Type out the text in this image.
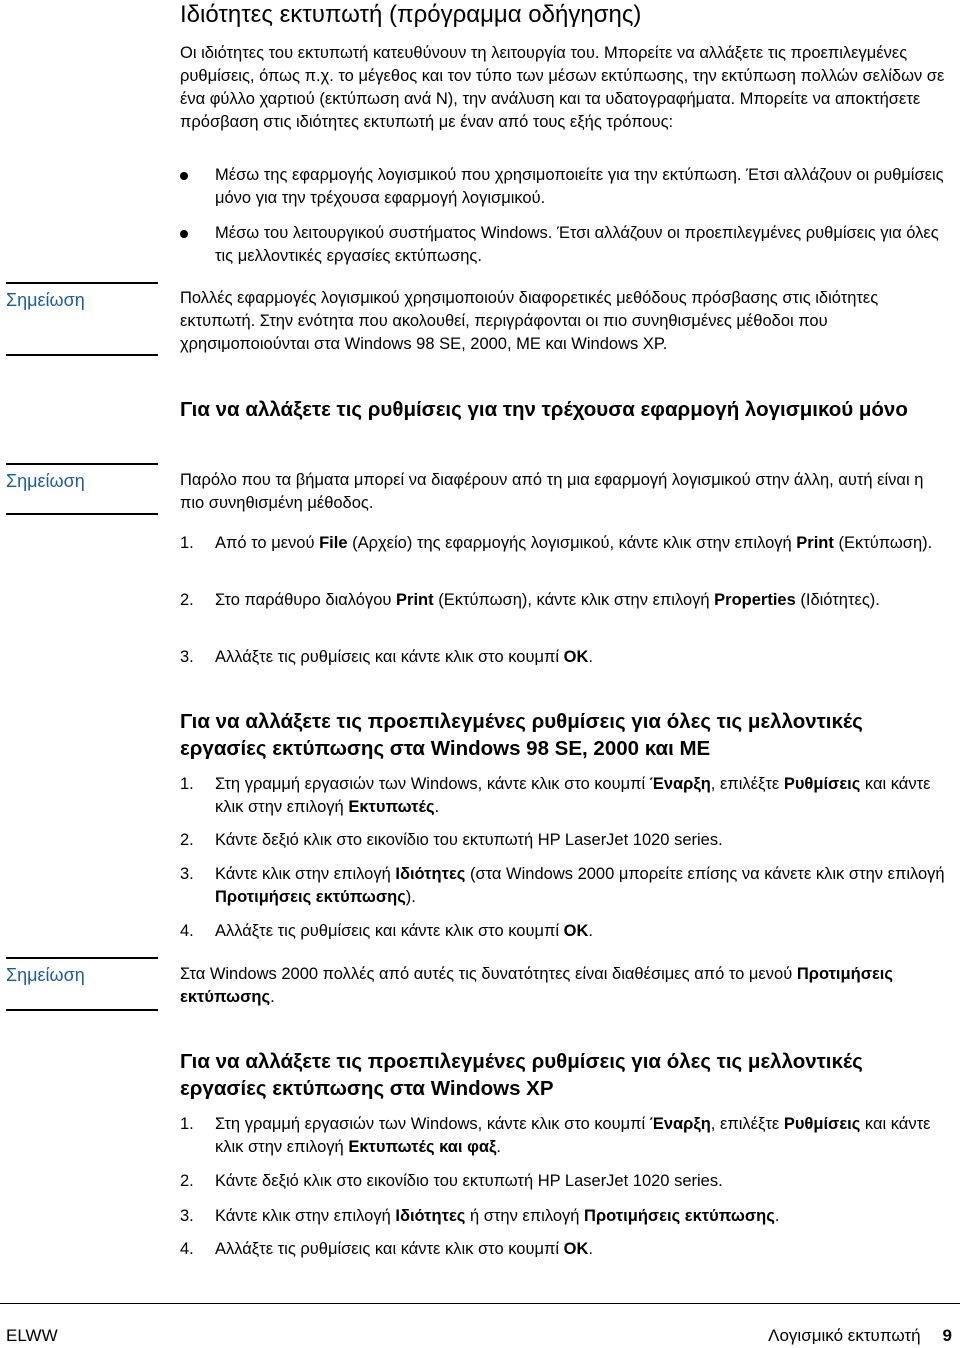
Ιδιότητες εκτυπωτή (πρόγραμμα οδήγησης)
Οι ιδιότητες του εκτυπωτή κατευθύνουν τη λειτουργία του. Μπορείτε να αλλάξετε τις προεπιλεγμένες ρυθμίσεις, όπως π.χ. το μέγεθος και τον τύπο των μέσων εκτύπωσης, την εκτύπωση πολλών σελίδων σε ένα φύλλο χαρτιού (εκτύπωση ανά N), την ανάλυση και τα υδατογραφήματα. Μπορείτε να αποκτήσετε πρόσβαση στις ιδιότητες εκτυπωτή με έναν από τους εξής τρόπους:
Μέσω της εφαρμογής λογισμικού που χρησιμοποιείτε για την εκτύπωση. Έτσι αλλάζουν οι ρυθμίσεις μόνο για την τρέχουσα εφαρμογή λογισμικού.
Μέσω του λειτουργικού συστήματος Windows. Έτσι αλλάζουν οι προεπιλεγμένες ρυθμίσεις για όλες τις μελλοντικές εργασίες εκτύπωσης.
Σημείωση	Πολλές εφαρμογές λογισμικού χρησιμοποιούν διαφορετικές μεθόδους πρόσβασης στις ιδιότητες εκτυπωτή. Στην ενότητα που ακολουθεί, περιγράφονται οι πιο συνηθισμένες μέθοδοι που χρησιμοποιούνται στα Windows 98 SE, 2000, ME και Windows XP.
Για να αλλάξετε τις ρυθμίσεις για την τρέχουσα εφαρμογή λογισμικού μόνο
Σημείωση	Παρόλο που τα βήματα μπορεί να διαφέρουν από τη μια εφαρμογή λογισμικού στην άλλη, αυτή είναι η πιο συνηθισμένη μέθοδος.
1. Από το μενού File (Αρχείο) της εφαρμογής λογισμικού, κάντε κλικ στην επιλογή Print (Εκτύπωση).
2. Στο παράθυρο διαλόγου Print (Εκτύπωση), κάντε κλικ στην επιλογή Properties (Ιδιότητες).
3. Αλλάξτε τις ρυθμίσεις και κάντε κλικ στο κουμπί OK.
Για να αλλάξετε τις προεπιλεγμένες ρυθμίσεις για όλες τις μελλοντικές εργασίες εκτύπωσης στα Windows 98 SE, 2000 και ME
1. Στη γραμμή εργασιών των Windows, κάντε κλικ στο κουμπί Έναρξη, επιλέξτε Ρυθμίσεις και κάντε κλικ στην επιλογή Εκτυπωτές.
2. Κάντε δεξιό κλικ στο εικονίδιο του εκτυπωτή HP LaserJet 1020 series.
3. Κάντε κλικ στην επιλογή Ιδιότητες (στα Windows 2000 μπορείτε επίσης να κάνετε κλικ στην επιλογή Προτιμήσεις εκτύπωσης).
4. Αλλάξτε τις ρυθμίσεις και κάντε κλικ στο κουμπί OK.
Σημείωση	Στα Windows 2000 πολλές από αυτές τις δυνατότητες είναι διαθέσιμες από το μενού Προτιμήσεις εκτύπωσης.
Για να αλλάξετε τις προεπιλεγμένες ρυθμίσεις για όλες τις μελλοντικές εργασίες εκτύπωσης στα Windows XP
1. Στη γραμμή εργασιών των Windows, κάντε κλικ στο κουμπί Έναρξη, επιλέξτε Ρυθμίσεις και κάντε κλικ στην επιλογή Εκτυπωτές και φαξ.
2. Κάντε δεξιό κλικ στο εικονίδιο του εκτυπωτή HP LaserJet 1020 series.
3. Κάντε κλικ στην επιλογή Ιδιότητες ή στην επιλογή Προτιμήσεις εκτύπωσης.
4. Αλλάξτε τις ρυθμίσεις και κάντε κλικ στο κουμπί OK.
ELWW	Λογισμικό εκτυπωτή 9
